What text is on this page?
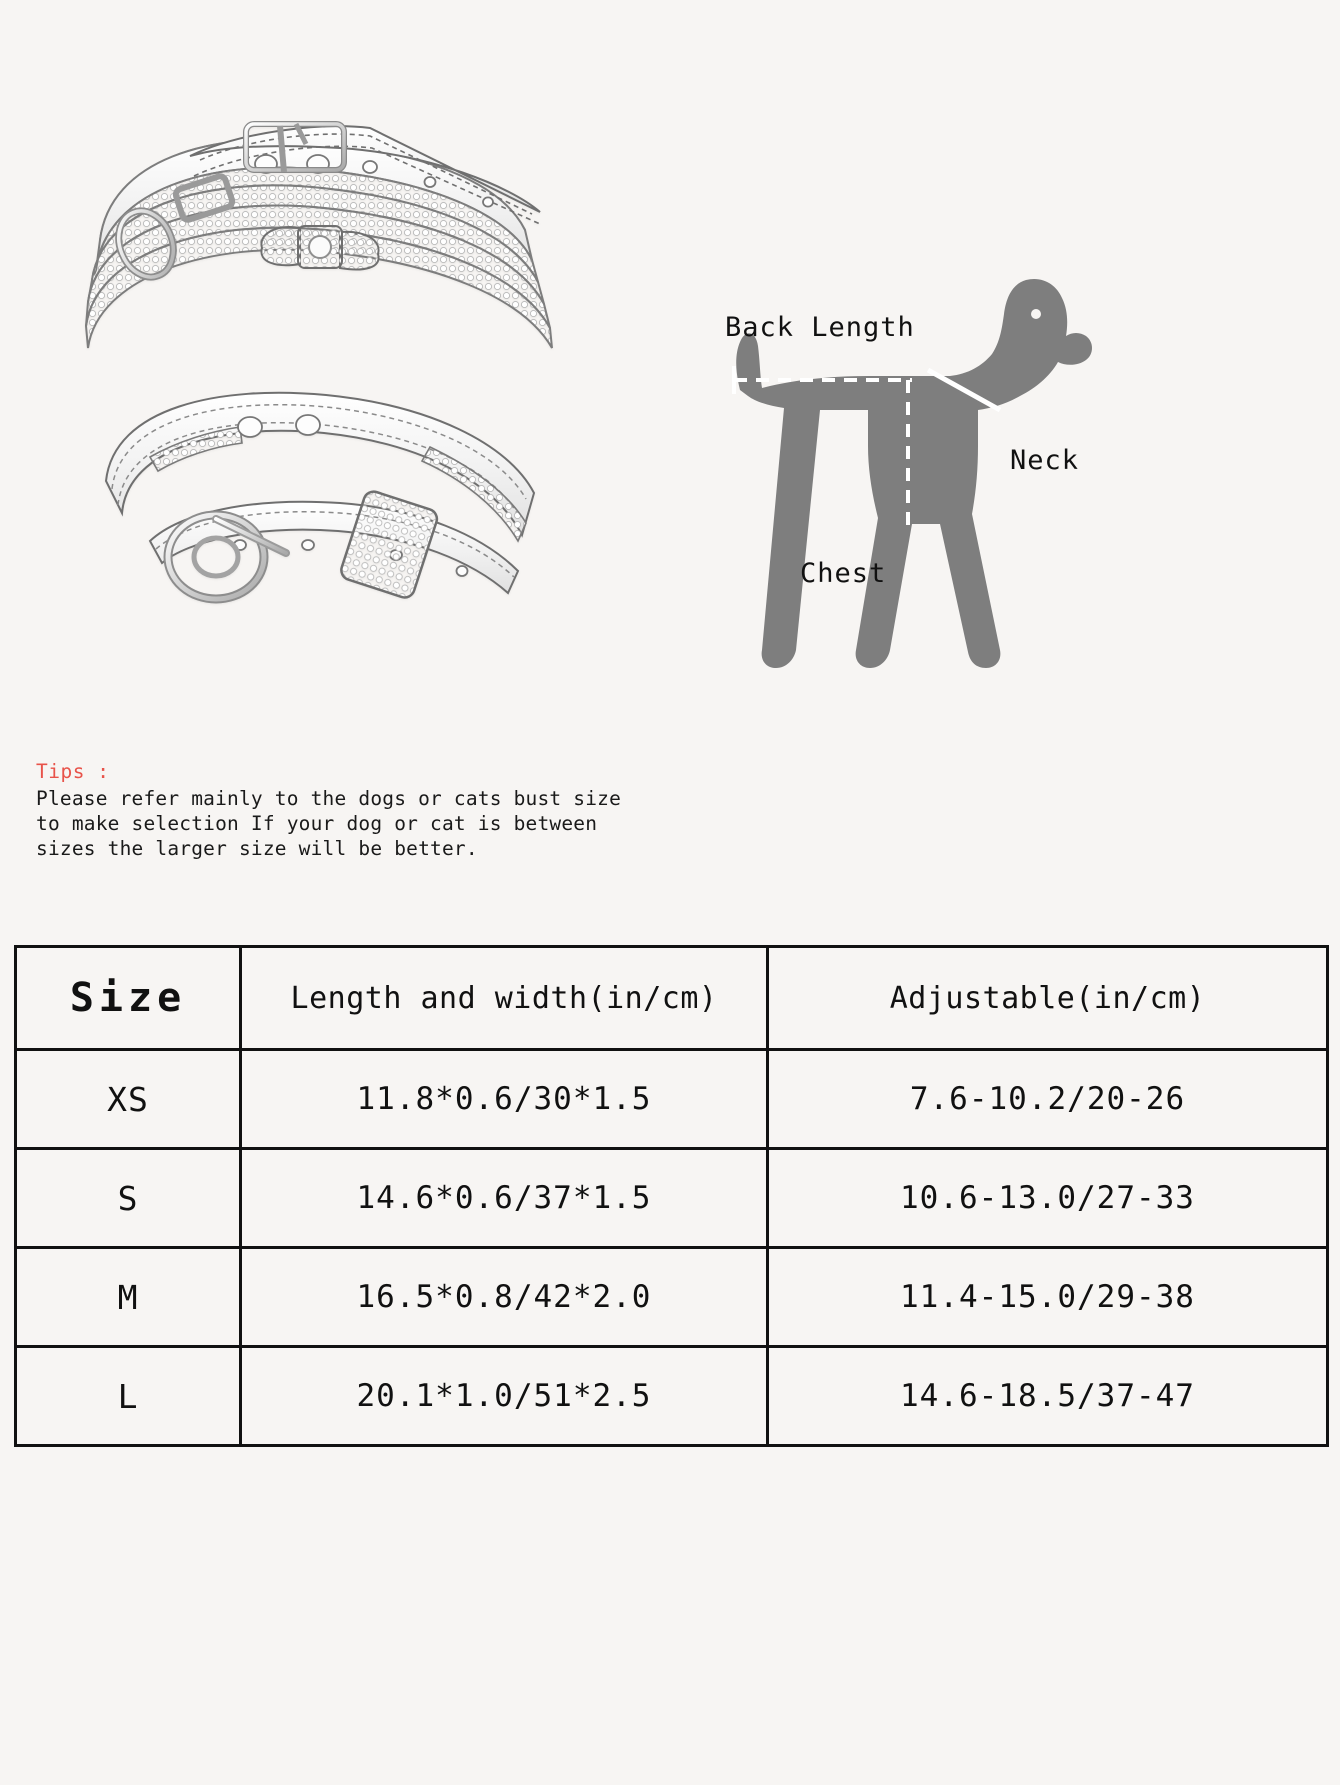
Back Length
Neck
Chest
Tips :
Please refer mainly to the dogs or cats bust size
to make selection If your dog or cat is between
sizes the larger size will be better.
Size	Length and width(in/cm)	Adjustable(in/cm)
XS	11.8*0.6/30*1.5	7.6-10.2/20-26
S	14.6*0.6/37*1.5	10.6-13.0/27-33
M	16.5*0.8/42*2.0	11.4-15.0/29-38
L	20.1*1.0/51*2.5	14.6-18.5/37-47
